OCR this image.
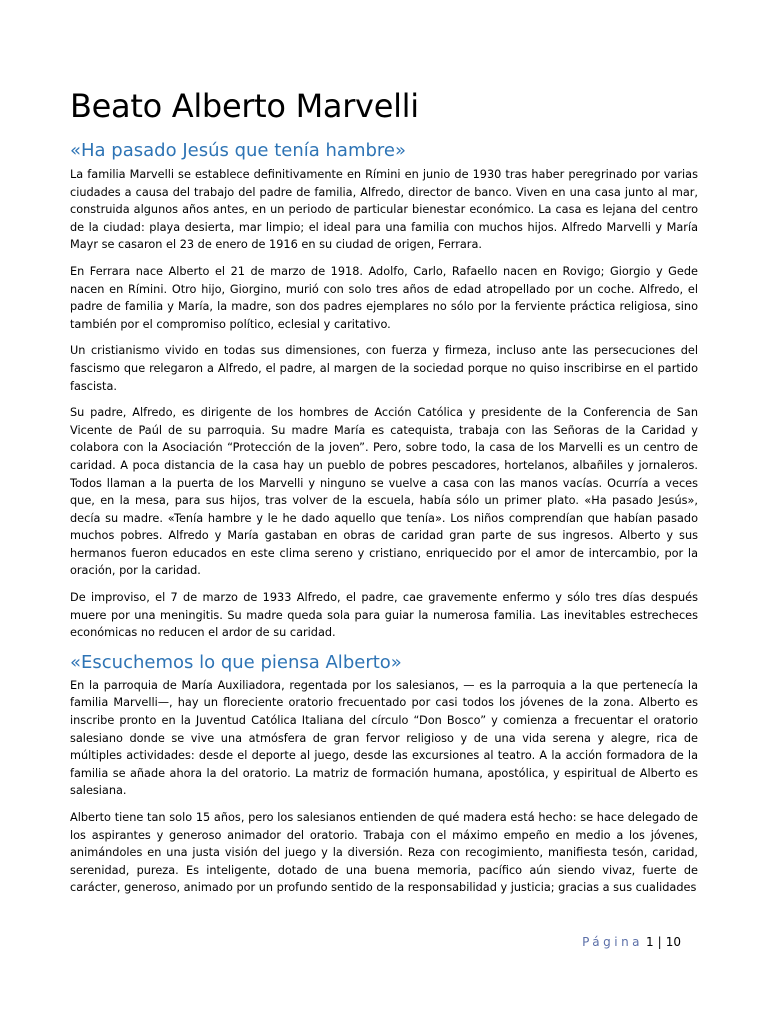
Beato Alberto Marvelli
«Ha pasado Jesús que tenía hambre»

La familia Marvelli se establece definitivamente en Rímini en junio de 1930 tras haber peregrinado por varias ciudades a causa del trabajo del padre de familia, Alfredo, director de banco. Viven en una casa junto al mar, construida algunos años antes, en un periodo de particular bienestar económico. La casa es lejana del centro de la ciudad: playa desierta, mar limpio; el ideal para una familia con muchos hijos. Alfredo Marvelli y María Mayr se casaron el 23 de enero de 1916 en su ciudad de origen, Ferrara.

En Ferrara nace Alberto el 21 de marzo de 1918. Adolfo, Carlo, Rafaello nacen en Rovigo; Giorgio y Gede nacen en Rímini. Otro hijo, Giorgino, murió con solo tres años de edad atropellado por un coche. Alfredo, el padre de familia y María, la madre, son dos padres ejemplares no sólo por la ferviente práctica religiosa, sino también por el compromiso político, eclesial y caritativo.

Un cristianismo vivido en todas sus dimensiones, con fuerza y firmeza, incluso ante las persecuciones del fascismo que relegaron a Alfredo, el padre, al margen de la sociedad porque no quiso inscribirse en el partido fascista.

Su padre, Alfredo, es dirigente de los hombres de Acción Católica y presidente de la Conferencia de San Vicente de Paúl de su parroquia. Su madre María es catequista, trabaja con las Señoras de la Caridad y colabora con la Asociación “Protección de la joven”. Pero, sobre todo, la casa de los Marvelli es un centro de caridad. A poca distancia de la casa hay un pueblo de pobres pescadores, hortelanos, albañiles y jornaleros. Todos llaman a la puerta de los Marvelli y ninguno se vuelve a casa con las manos vacías. Ocurría a veces que, en la mesa, para sus hijos, tras volver de la escuela, había sólo un primer plato. «Ha pasado Jesús», decía su madre. «Tenía hambre y le he dado aquello que tenía». Los niños comprendían que habían pasado muchos pobres. Alfredo y María gastaban en obras de caridad gran parte de sus ingresos. Alberto y sus hermanos fueron educados en este clima sereno y cristiano, enriquecido por el amor de intercambio, por la oración, por la caridad.

De improviso, el 7 de marzo de 1933 Alfredo, el padre, cae gravemente enfermo y sólo tres días después muere por una meningitis. Su madre queda sola para guiar la numerosa familia. Las inevitables estrecheces económicas no reducen el ardor de su caridad.

«Escuchemos lo que piensa Alberto»

En la parroquia de María Auxiliadora, regentada por los salesianos, — es la parroquia a la que pertenecía la familia Marvelli—, hay un floreciente oratorio frecuentado por casi todos los jóvenes de la zona. Alberto es inscribe pronto en la Juventud Católica Italiana del círculo “Don Bosco” y comienza a frecuentar el oratorio salesiano donde se vive una atmósfera de gran fervor religioso y de una vida serena y alegre, rica de múltiples actividades: desde el deporte al juego, desde las excursiones al teatro. A la acción formadora de la familia se añade ahora la del oratorio. La matriz de formación humana, apostólica, y espiritual de Alberto es salesiana.

Alberto tiene tan solo 15 años, pero los salesianos entienden de qué madera está hecho: se hace delegado de los aspirantes y generoso animador del oratorio. Trabaja con el máximo empeño en medio a los jóvenes, animándoles en una justa visión del juego y la diversión. Reza con recogimiento, manifiesta tesón, caridad, serenidad, pureza. Es inteligente, dotado de una buena memoria, pacífico aún siendo vivaz, fuerte de carácter, generoso, animado por un profundo sentido de la responsabilidad y justicia; gracias a sus cualidades

Página 1 | 10
